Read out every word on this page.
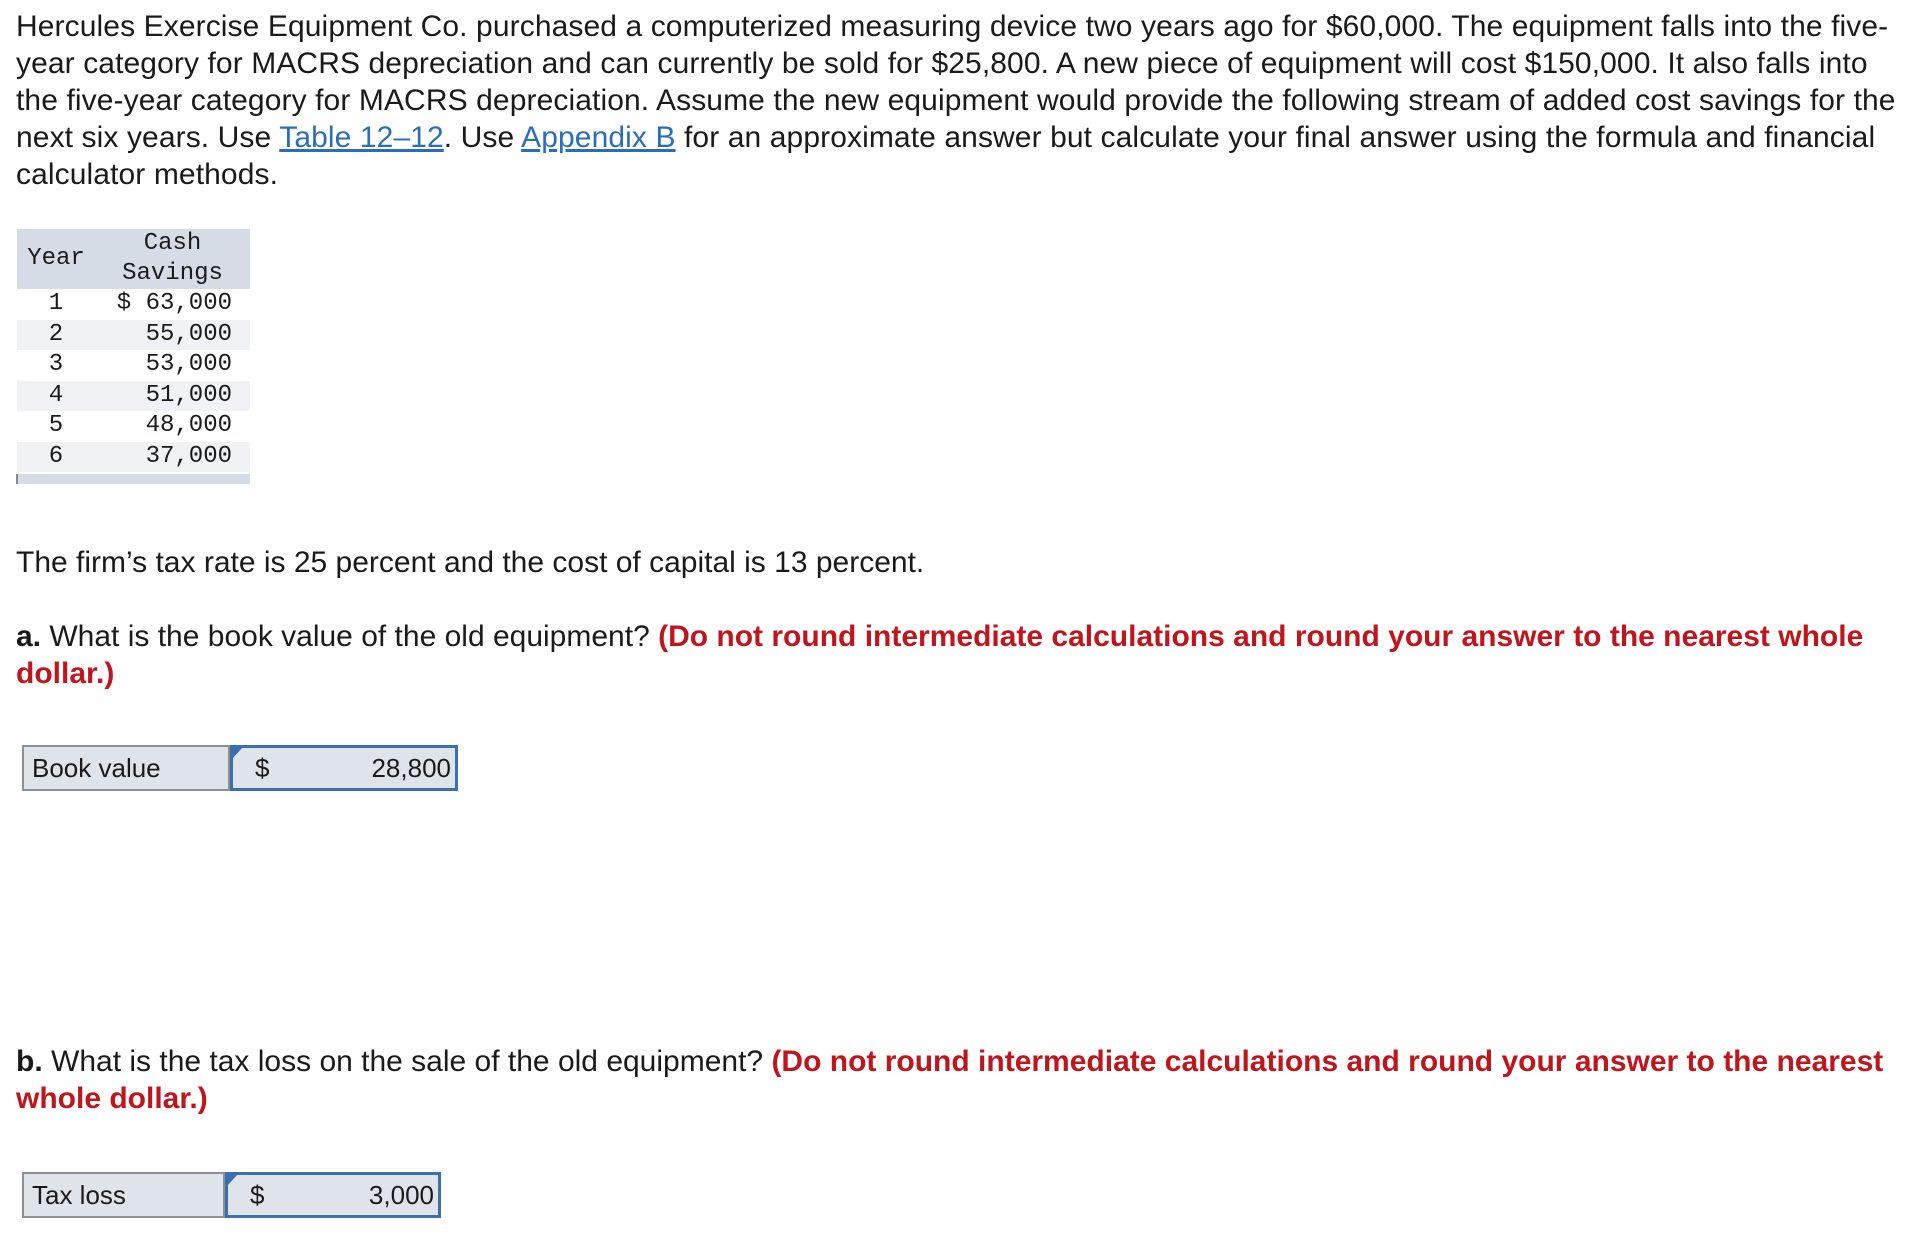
Hercules Exercise Equipment Co. purchased a computerized measuring device two years ago for $60,000. The equipment falls into the five-year category for MACRS depreciation and can currently be sold for $25,800. A new piece of equipment will cost $150,000. It also falls into the five-year category for MACRS depreciation. Assume the new equipment would provide the following stream of added cost savings for the next six years. Use Table 12–12. Use Appendix B for an approximate answer but calculate your final answer using the formula and financial calculator methods.

Year	Cash
Savings
1	$ 63,000
2	55,000
3	53,000
4	51,000
5	48,000
6	37,000

The firm’s tax rate is 25 percent and the cost of capital is 13 percent.

a. What is the book value of the old equipment? (Do not round intermediate calculations and round your answer to the nearest whole dollar.)

Book value	$	28,800

b. What is the tax loss on the sale of the old equipment? (Do not round intermediate calculations and round your answer to the nearest whole dollar.)

Tax loss	$	3,000
